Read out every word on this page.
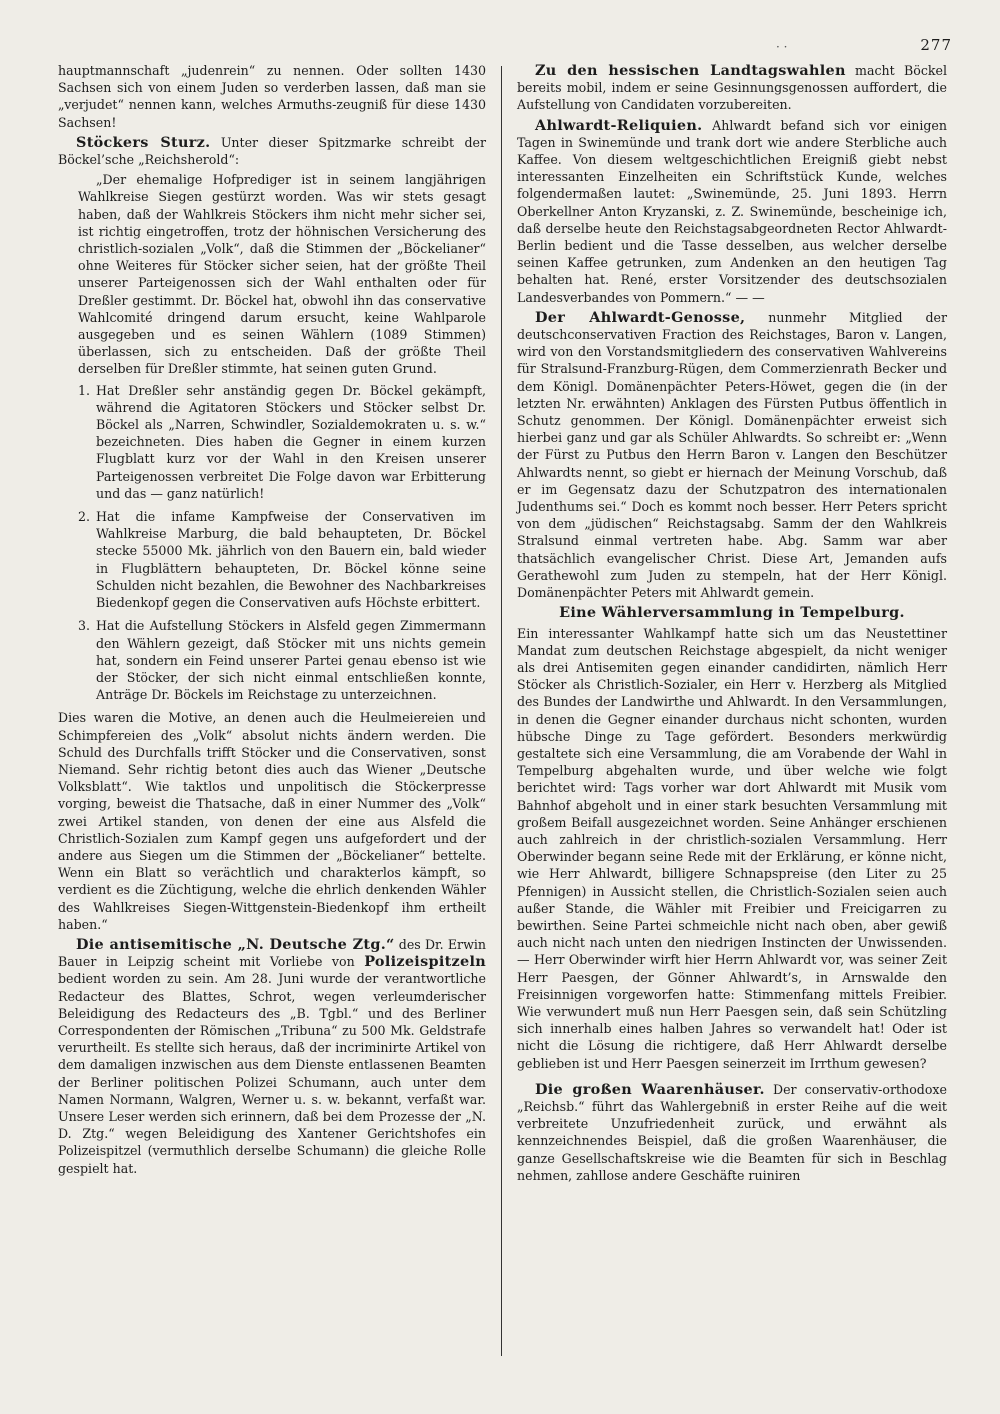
· ·	277

hauptmannschaft „judenrein“ zu nennen. Oder sollten 1430 Sachsen sich von einem Juden so verderben lassen, daß man sie „verjudet“ nennen kann, welches Armuths-zeugniß für diese 1430 Sachsen!

Stöckers Sturz. Unter dieser Spitzmarke schreibt der Böckel’sche „Reichsherold“:

„Der ehemalige Hofprediger ist in seinem langjährigen Wahlkreise Siegen gestürzt worden. Was wir stets gesagt haben, daß der Wahlkreis Stöckers ihm nicht mehr sicher sei, ist richtig eingetroffen, trotz der höhnischen Versicherung des christlich-sozialen „Volk“, daß die Stimmen der „Böckelianer“ ohne Weiteres für Stöcker sicher seien, hat der größte Theil unserer Parteigenossen sich der Wahl enthalten oder für Dreßler gestimmt. Dr. Böckel hat, obwohl ihn das conservative Wahlcomité dringend darum ersucht, keine Wahlparole ausgegeben und es seinen Wählern (1089 Stimmen) überlassen, sich zu entscheiden. Daß der größte Theil derselben für Dreßler stimmte, hat seinen guten Grund.

1. Hat Dreßler sehr anständig gegen Dr. Böckel gekämpft, während die Agitatoren Stöckers und Stöcker selbst Dr. Böckel als „Narren, Schwindler, Sozialdemokraten u. s. w.“ bezeichneten. Dies haben die Gegner in einem kurzen Flugblatt kurz vor der Wahl in den Kreisen unserer Parteigenossen verbreitet Die Folge davon war Erbitterung und das — ganz natürlich!
2. Hat die infame Kampfweise der Conservativen im Wahlkreise Marburg, die bald behaupteten, Dr. Böckel stecke 55000 Mk. jährlich von den Bauern ein, bald wieder in Flugblättern behaupteten, Dr. Böckel könne seine Schulden nicht bezahlen, die Bewohner des Nachbarkreises Biedenkopf gegen die Conservativen aufs Höchste erbittert.
3. Hat die Aufstellung Stöckers in Alsfeld gegen Zimmermann den Wählern gezeigt, daß Stöcker mit uns nichts gemein hat, sondern ein Feind unserer Partei genau ebenso ist wie der Stöcker, der sich nicht einmal entschließen konnte, Anträge Dr. Böckels im Reichstage zu unterzeichnen.

Dies waren die Motive, an denen auch die Heulmeiereien und Schimpfereien des „Volk“ absolut nichts ändern werden. Die Schuld des Durchfalls trifft Stöcker und die Conservativen, sonst Niemand. Sehr richtig betont dies auch das Wiener „Deutsche Volksblatt“. Wie taktlos und unpolitisch die Stöckerpresse vorging, beweist die Thatsache, daß in einer Nummer des „Volk“ zwei Artikel standen, von denen der eine aus Alsfeld die Christlich-Sozialen zum Kampf gegen uns aufgefordert und der andere aus Siegen um die Stimmen der „Böckelianer“ bettelte. Wenn ein Blatt so verächtlich und charakterlos kämpft, so verdient es die Züchtigung, welche die ehrlich denkenden Wähler des Wahlkreises Siegen-Wittgenstein-Biedenkopf ihm ertheilt haben.“

Die antisemitische „N. Deutsche Ztg.“ des Dr. Erwin Bauer in Leipzig scheint mit Vorliebe von Polizeispitzeln bedient worden zu sein. Am 28. Juni wurde der verantwortliche Redacteur des Blattes, Schrot, wegen verleumderischer Beleidigung des Redacteurs des „B. Tgbl.“ und des Berliner Correspondenten der Römischen „Tribuna“ zu 500 Mk. Geldstrafe verurtheilt. Es stellte sich heraus, daß der incriminirte Artikel von dem damaligen inzwischen aus dem Dienste entlassenen Beamten der Berliner politischen Polizei Schumann, auch unter dem Namen Normann, Walgren, Werner u. s. w. bekannt, verfaßt war. Unsere Leser werden sich erinnern, daß bei dem Prozesse der „N. D. Ztg.“ wegen Beleidigung des Xantener Gerichtshofes ein Polizeispitzel (vermuthlich derselbe Schumann) die gleiche Rolle gespielt hat.

Zu den hessischen Landtagswahlen macht Böckel bereits mobil, indem er seine Gesinnungsgenossen auffordert, die Aufstellung von Candidaten vorzubereiten.

Ahlwardt-Reliquien. Ahlwardt befand sich vor einigen Tagen in Swinemünde und trank dort wie andere Sterbliche auch Kaffee. Von diesem weltgeschichtlichen Ereigniß giebt nebst interessanten Einzelheiten ein Schriftstück Kunde, welches folgendermaßen lautet: „Swinemünde, 25. Juni 1893. Herrn Oberkellner Anton Kryzanski, z. Z. Swinemünde, bescheinige ich, daß derselbe heute den Reichstagsabgeordneten Rector Ahlwardt-Berlin bedient und die Tasse desselben, aus welcher derselbe seinen Kaffee getrunken, zum Andenken an den heutigen Tag behalten hat. René, erster Vorsitzender des deutschsozialen Landesverbandes von Pommern.“ — —

Der Ahlwardt-Genosse, nunmehr Mitglied der deutschconservativen Fraction des Reichstages, Baron v. Langen, wird von den Vorstandsmitgliedern des conservativen Wahlvereins für Stralsund-Franzburg-Rügen, dem Commerzienrath Becker und dem Königl. Domänenpächter Peters-Höwet, gegen die (in der letzten Nr. erwähnten) Anklagen des Fürsten Putbus öffentlich in Schutz genommen. Der Königl. Domänenpächter erweist sich hierbei ganz und gar als Schüler Ahlwardts. So schreibt er: „Wenn der Fürst zu Putbus den Herrn Baron v. Langen den Beschützer Ahlwardts nennt, so giebt er hiernach der Meinung Vorschub, daß er im Gegensatz dazu der Schutzpatron des internationalen Judenthums sei.“ Doch es kommt noch besser. Herr Peters spricht von dem „jüdischen“ Reichstagsabg. Samm der den Wahlkreis Stralsund einmal vertreten habe. Abg. Samm war aber thatsächlich evangelischer Christ. Diese Art, Jemanden aufs Gerathewohl zum Juden zu stempeln, hat der Herr Königl. Domänenpächter Peters mit Ahlwardt gemein.

Eine Wählerversammlung in Tempelburg.

Ein interessanter Wahlkampf hatte sich um das Neustettiner Mandat zum deutschen Reichstage abgespielt, da nicht weniger als drei Antisemiten gegen einander candidirten, nämlich Herr Stöcker als Christlich-Sozialer, ein Herr v. Herzberg als Mitglied des Bundes der Landwirthe und Ahlwardt. In den Versammlungen, in denen die Gegner einander durchaus nicht schonten, wurden hübsche Dinge zu Tage gefördert. Besonders merkwürdig gestaltete sich eine Versammlung, die am Vorabende der Wahl in Tempelburg abgehalten wurde, und über welche wie folgt berichtet wird: Tags vorher war dort Ahlwardt mit Musik vom Bahnhof abgeholt und in einer stark besuchten Versammlung mit großem Beifall ausgezeichnet worden. Seine Anhänger erschienen auch zahlreich in der christlich-sozialen Versammlung. Herr Oberwinder begann seine Rede mit der Erklärung, er könne nicht, wie Herr Ahlwardt, billigere Schnapspreise (den Liter zu 25 Pfennigen) in Aussicht stellen, die Christlich-Sozialen seien auch außer Stande, die Wähler mit Freibier und Freicigarren zu bewirthen. Seine Partei schmeichle nicht nach oben, aber gewiß auch nicht nach unten den niedrigen Instincten der Unwissenden. — Herr Oberwinder wirft hier Herrn Ahlwardt vor, was seiner Zeit Herr Paesgen, der Gönner Ahlwardt’s, in Arnswalde den Freisinnigen vorgeworfen hatte: Stimmenfang mittels Freibier. Wie verwundert muß nun Herr Paesgen sein, daß sein Schützling sich innerhalb eines halben Jahres so verwandelt hat! Oder ist nicht die Lösung die richtigere, daß Herr Ahlwardt derselbe geblieben ist und Herr Paesgen seinerzeit im Irrthum gewesen?

Die großen Waarenhäuser. Der conservativ-orthodoxe „Reichsb.“ führt das Wahlergebniß in erster Reihe auf die weit verbreitete Unzufriedenheit zurück, und erwähnt als kennzeichnendes Beispiel, daß die großen Waarenhäuser, die ganze Gesellschaftskreise wie die Beamten für sich in Beschlag nehmen, zahllose andere Geschäfte ruiniren
